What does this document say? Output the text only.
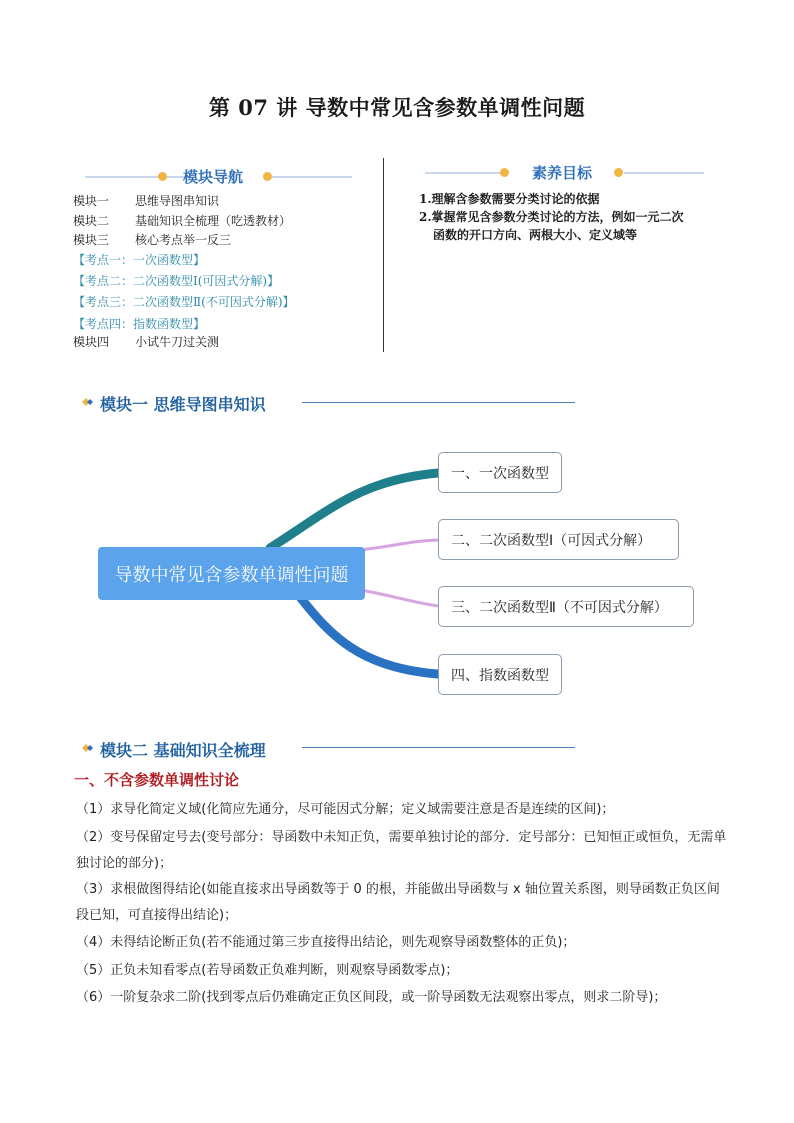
第 07 讲 导数中常见含参数单调性问题
模块导航
模块一 思维导图串知识
模块二 基础知识全梳理（吃透教材）
模块三 核心考点举一反三
【考点一：一次函数型】
【考点二：二次函数型Ⅰ(可因式分解)】
【考点三：二次函数型Ⅱ(不可因式分解)】
【考点四：指数函数型】
模块四 小试牛刀过关测
素养目标
1.理解含参数需要分类讨论的依据
2.掌握常见含参数分类讨论的方法，例如一元二次
函数的开口方向、两根大小、定义域等
模块一 思维导图串知识
导数中常见含参数单调性问题
一、一次函数型
二、二次函数型Ⅰ（可因式分解）
三、二次函数型Ⅱ（不可因式分解）
四、指数函数型
模块二 基础知识全梳理
一、不含参数单调性讨论
（1）求导化简定义域(化简应先通分，尽可能因式分解；定义域需要注意是否是连续的区间)；
（2）变号保留定号去(变号部分：导函数中未知正负，需要单独讨论的部分．定号部分：已知恒正或恒负，无需单独讨论的部分)；
（3）求根做图得结论(如能直接求出导函数等于 0 的根，并能做出导函数与 x 轴位置关系图，则导函数正负区间段已知，可直接得出结论)；
（4）未得结论断正负(若不能通过第三步直接得出结论，则先观察导函数整体的正负)；
（5）正负未知看零点(若导函数正负难判断，则观察导函数零点)；
（6）一阶复杂求二阶(找到零点后仍难确定正负区间段，或一阶导函数无法观察出零点，则求二阶导)；
